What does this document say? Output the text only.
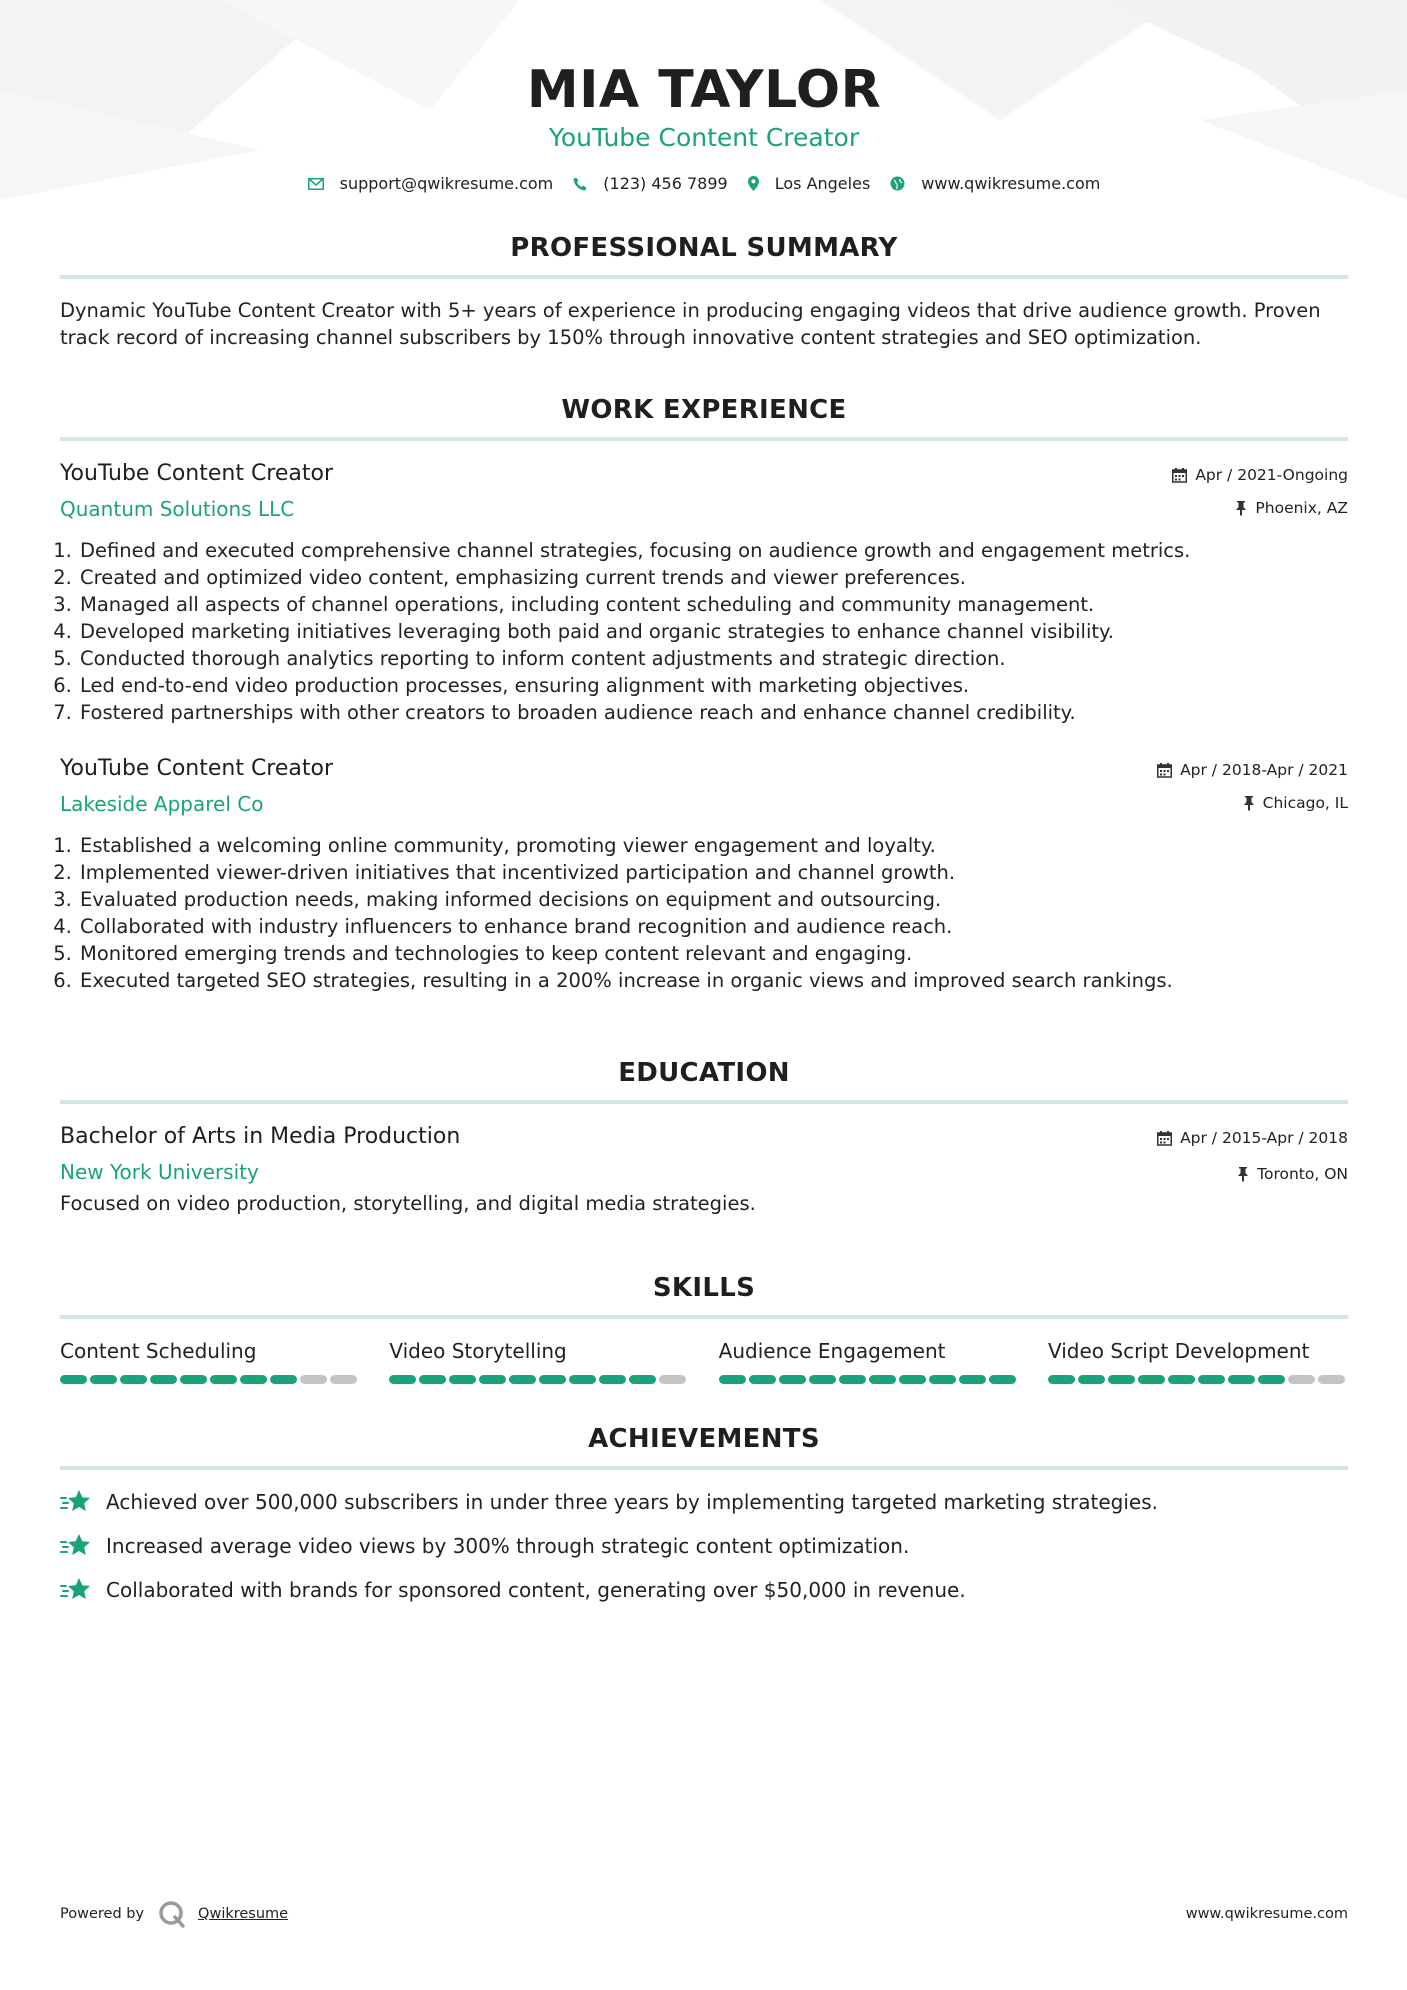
MIA TAYLOR
YouTube Content Creator
support@qwikresume.com	(123) 456 7899	Los Angeles	www.qwikresume.com
PROFESSIONAL SUMMARY
Dynamic YouTube Content Creator with 5+ years of experience in producing engaging videos that drive audience growth. Proven track record of increasing channel subscribers by 150% through innovative content strategies and SEO optimization.
WORK EXPERIENCE
YouTube Content Creator
Quantum Solutions LLC
Apr / 2021-Ongoing
Phoenix, AZ
1. Defined and executed comprehensive channel strategies, focusing on audience growth and engagement metrics.
2. Created and optimized video content, emphasizing current trends and viewer preferences.
3. Managed all aspects of channel operations, including content scheduling and community management.
4. Developed marketing initiatives leveraging both paid and organic strategies to enhance channel visibility.
5. Conducted thorough analytics reporting to inform content adjustments and strategic direction.
6. Led end-to-end video production processes, ensuring alignment with marketing objectives.
7. Fostered partnerships with other creators to broaden audience reach and enhance channel credibility.
YouTube Content Creator
Lakeside Apparel Co
Apr / 2018-Apr / 2021
Chicago, IL
1. Established a welcoming online community, promoting viewer engagement and loyalty.
2. Implemented viewer-driven initiatives that incentivized participation and channel growth.
3. Evaluated production needs, making informed decisions on equipment and outsourcing.
4. Collaborated with industry influencers to enhance brand recognition and audience reach.
5. Monitored emerging trends and technologies to keep content relevant and engaging.
6. Executed targeted SEO strategies, resulting in a 200% increase in organic views and improved search rankings.
EDUCATION
Bachelor of Arts in Media Production
New York University
Apr / 2015-Apr / 2018
Toronto, ON
Focused on video production, storytelling, and digital media strategies.
SKILLS
Content Scheduling	Video Storytelling	Audience Engagement	Video Script Development
ACHIEVEMENTS
Achieved over 500,000 subscribers in under three years by implementing targeted marketing strategies.
Increased average video views by 300% through strategic content optimization.
Collaborated with brands for sponsored content, generating over $50,000 in revenue.
Powered by	Qwikresume	www.qwikresume.com
